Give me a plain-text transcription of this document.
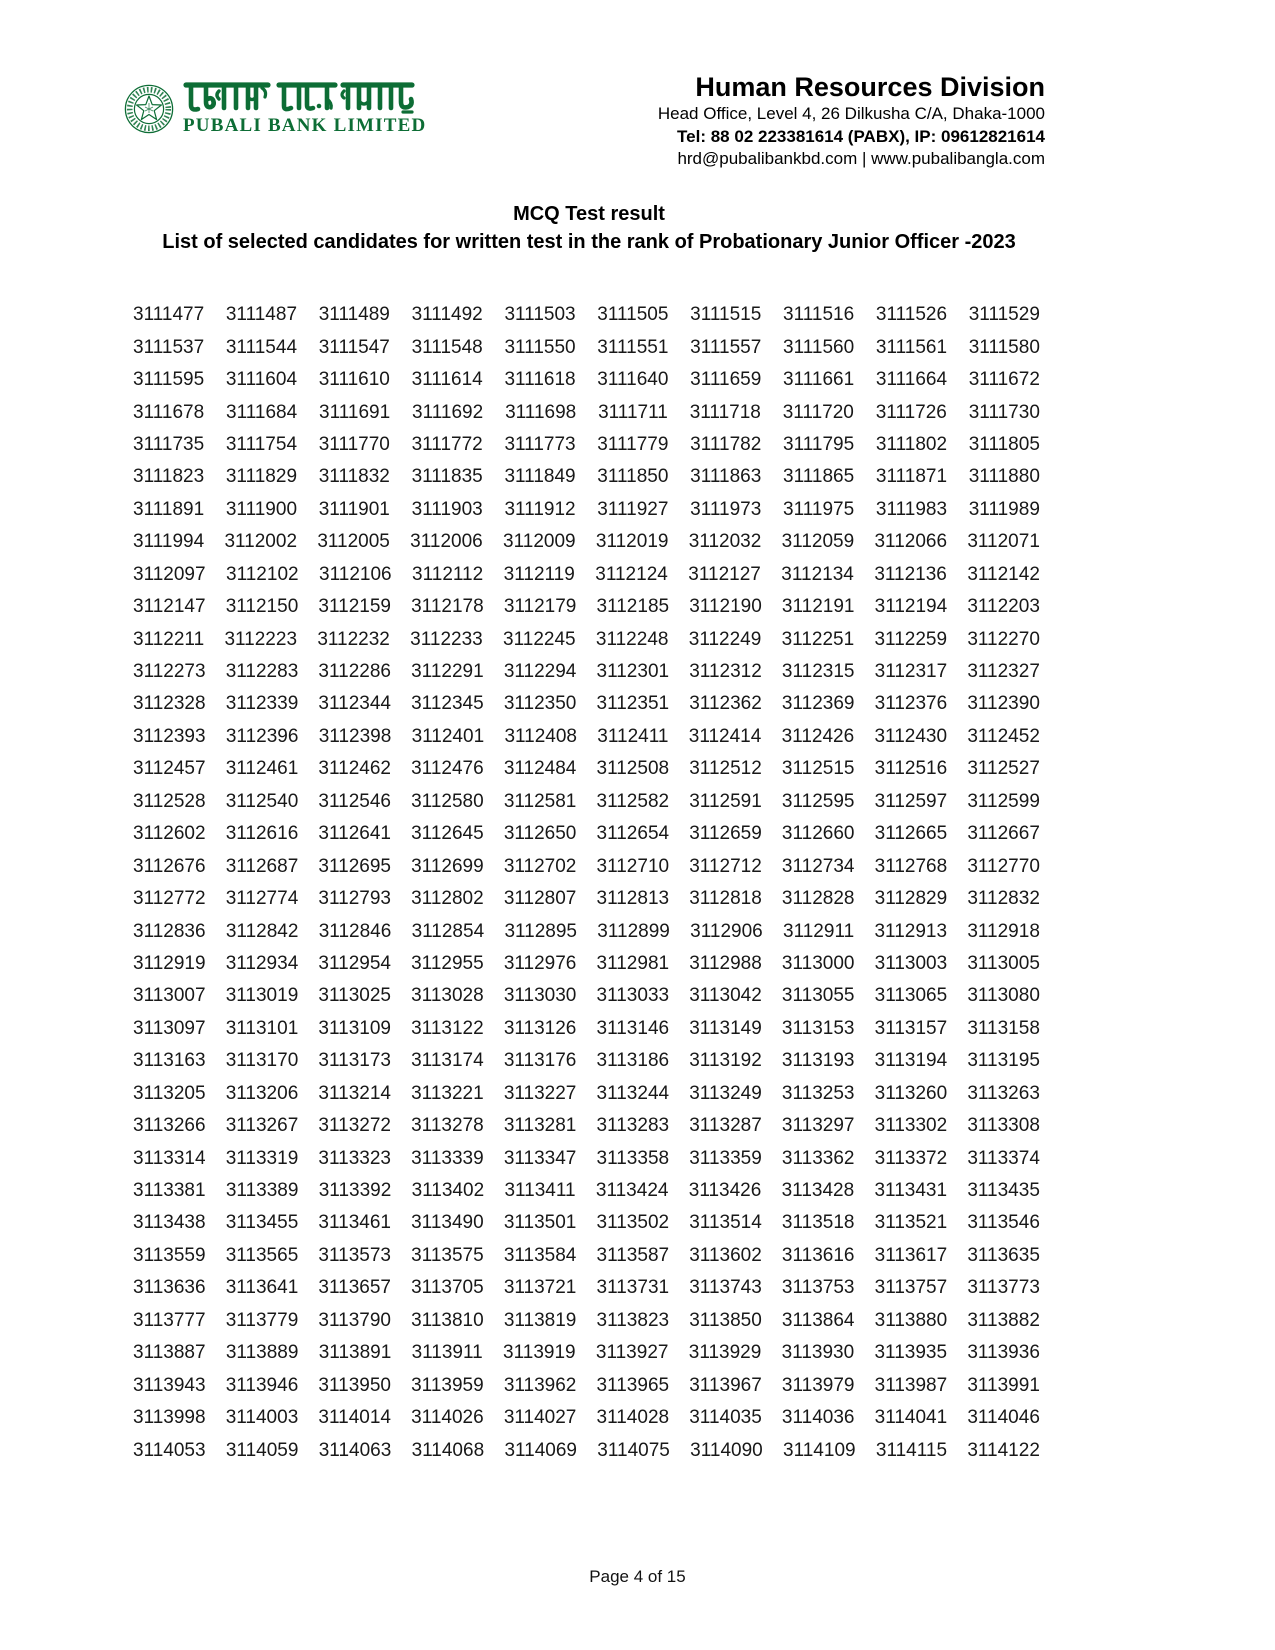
PUBALI BANK LIMITED
Human Resources Division
Head Office, Level 4, 26 Dilkusha C/A, Dhaka-1000
Tel: 88 02 223381614 (PABX), IP: 09612821614
hrd@pubalibankbd.com | www.pubalibangla.com
MCQ Test result
List of selected candidates for written test in the rank of Probationary Junior Officer -2023
3111477 3111487 3111489 3111492 3111503 3111505 3111515 3111516 3111526 3111529
3111537 3111544 3111547 3111548 3111550 3111551 3111557 3111560 3111561 3111580
3111595 3111604 3111610 3111614 3111618 3111640 3111659 3111661 3111664 3111672
3111678 3111684 3111691 3111692 3111698 3111711 3111718 3111720 3111726 3111730
3111735 3111754 3111770 3111772 3111773 3111779 3111782 3111795 3111802 3111805
3111823 3111829 3111832 3111835 3111849 3111850 3111863 3111865 3111871 3111880
3111891 3111900 3111901 3111903 3111912 3111927 3111973 3111975 3111983 3111989
3111994 3112002 3112005 3112006 3112009 3112019 3112032 3112059 3112066 3112071
3112097 3112102 3112106 3112112 3112119 3112124 3112127 3112134 3112136 3112142
3112147 3112150 3112159 3112178 3112179 3112185 3112190 3112191 3112194 3112203
3112211 3112223 3112232 3112233 3112245 3112248 3112249 3112251 3112259 3112270
3112273 3112283 3112286 3112291 3112294 3112301 3112312 3112315 3112317 3112327
3112328 3112339 3112344 3112345 3112350 3112351 3112362 3112369 3112376 3112390
3112393 3112396 3112398 3112401 3112408 3112411 3112414 3112426 3112430 3112452
3112457 3112461 3112462 3112476 3112484 3112508 3112512 3112515 3112516 3112527
3112528 3112540 3112546 3112580 3112581 3112582 3112591 3112595 3112597 3112599
3112602 3112616 3112641 3112645 3112650 3112654 3112659 3112660 3112665 3112667
3112676 3112687 3112695 3112699 3112702 3112710 3112712 3112734 3112768 3112770
3112772 3112774 3112793 3112802 3112807 3112813 3112818 3112828 3112829 3112832
3112836 3112842 3112846 3112854 3112895 3112899 3112906 3112911 3112913 3112918
3112919 3112934 3112954 3112955 3112976 3112981 3112988 3113000 3113003 3113005
3113007 3113019 3113025 3113028 3113030 3113033 3113042 3113055 3113065 3113080
3113097 3113101 3113109 3113122 3113126 3113146 3113149 3113153 3113157 3113158
3113163 3113170 3113173 3113174 3113176 3113186 3113192 3113193 3113194 3113195
3113205 3113206 3113214 3113221 3113227 3113244 3113249 3113253 3113260 3113263
3113266 3113267 3113272 3113278 3113281 3113283 3113287 3113297 3113302 3113308
3113314 3113319 3113323 3113339 3113347 3113358 3113359 3113362 3113372 3113374
3113381 3113389 3113392 3113402 3113411 3113424 3113426 3113428 3113431 3113435
3113438 3113455 3113461 3113490 3113501 3113502 3113514 3113518 3113521 3113546
3113559 3113565 3113573 3113575 3113584 3113587 3113602 3113616 3113617 3113635
3113636 3113641 3113657 3113705 3113721 3113731 3113743 3113753 3113757 3113773
3113777 3113779 3113790 3113810 3113819 3113823 3113850 3113864 3113880 3113882
3113887 3113889 3113891 3113911 3113919 3113927 3113929 3113930 3113935 3113936
3113943 3113946 3113950 3113959 3113962 3113965 3113967 3113979 3113987 3113991
3113998 3114003 3114014 3114026 3114027 3114028 3114035 3114036 3114041 3114046
3114053 3114059 3114063 3114068 3114069 3114075 3114090 3114109 3114115 3114122
Page 4 of 15
